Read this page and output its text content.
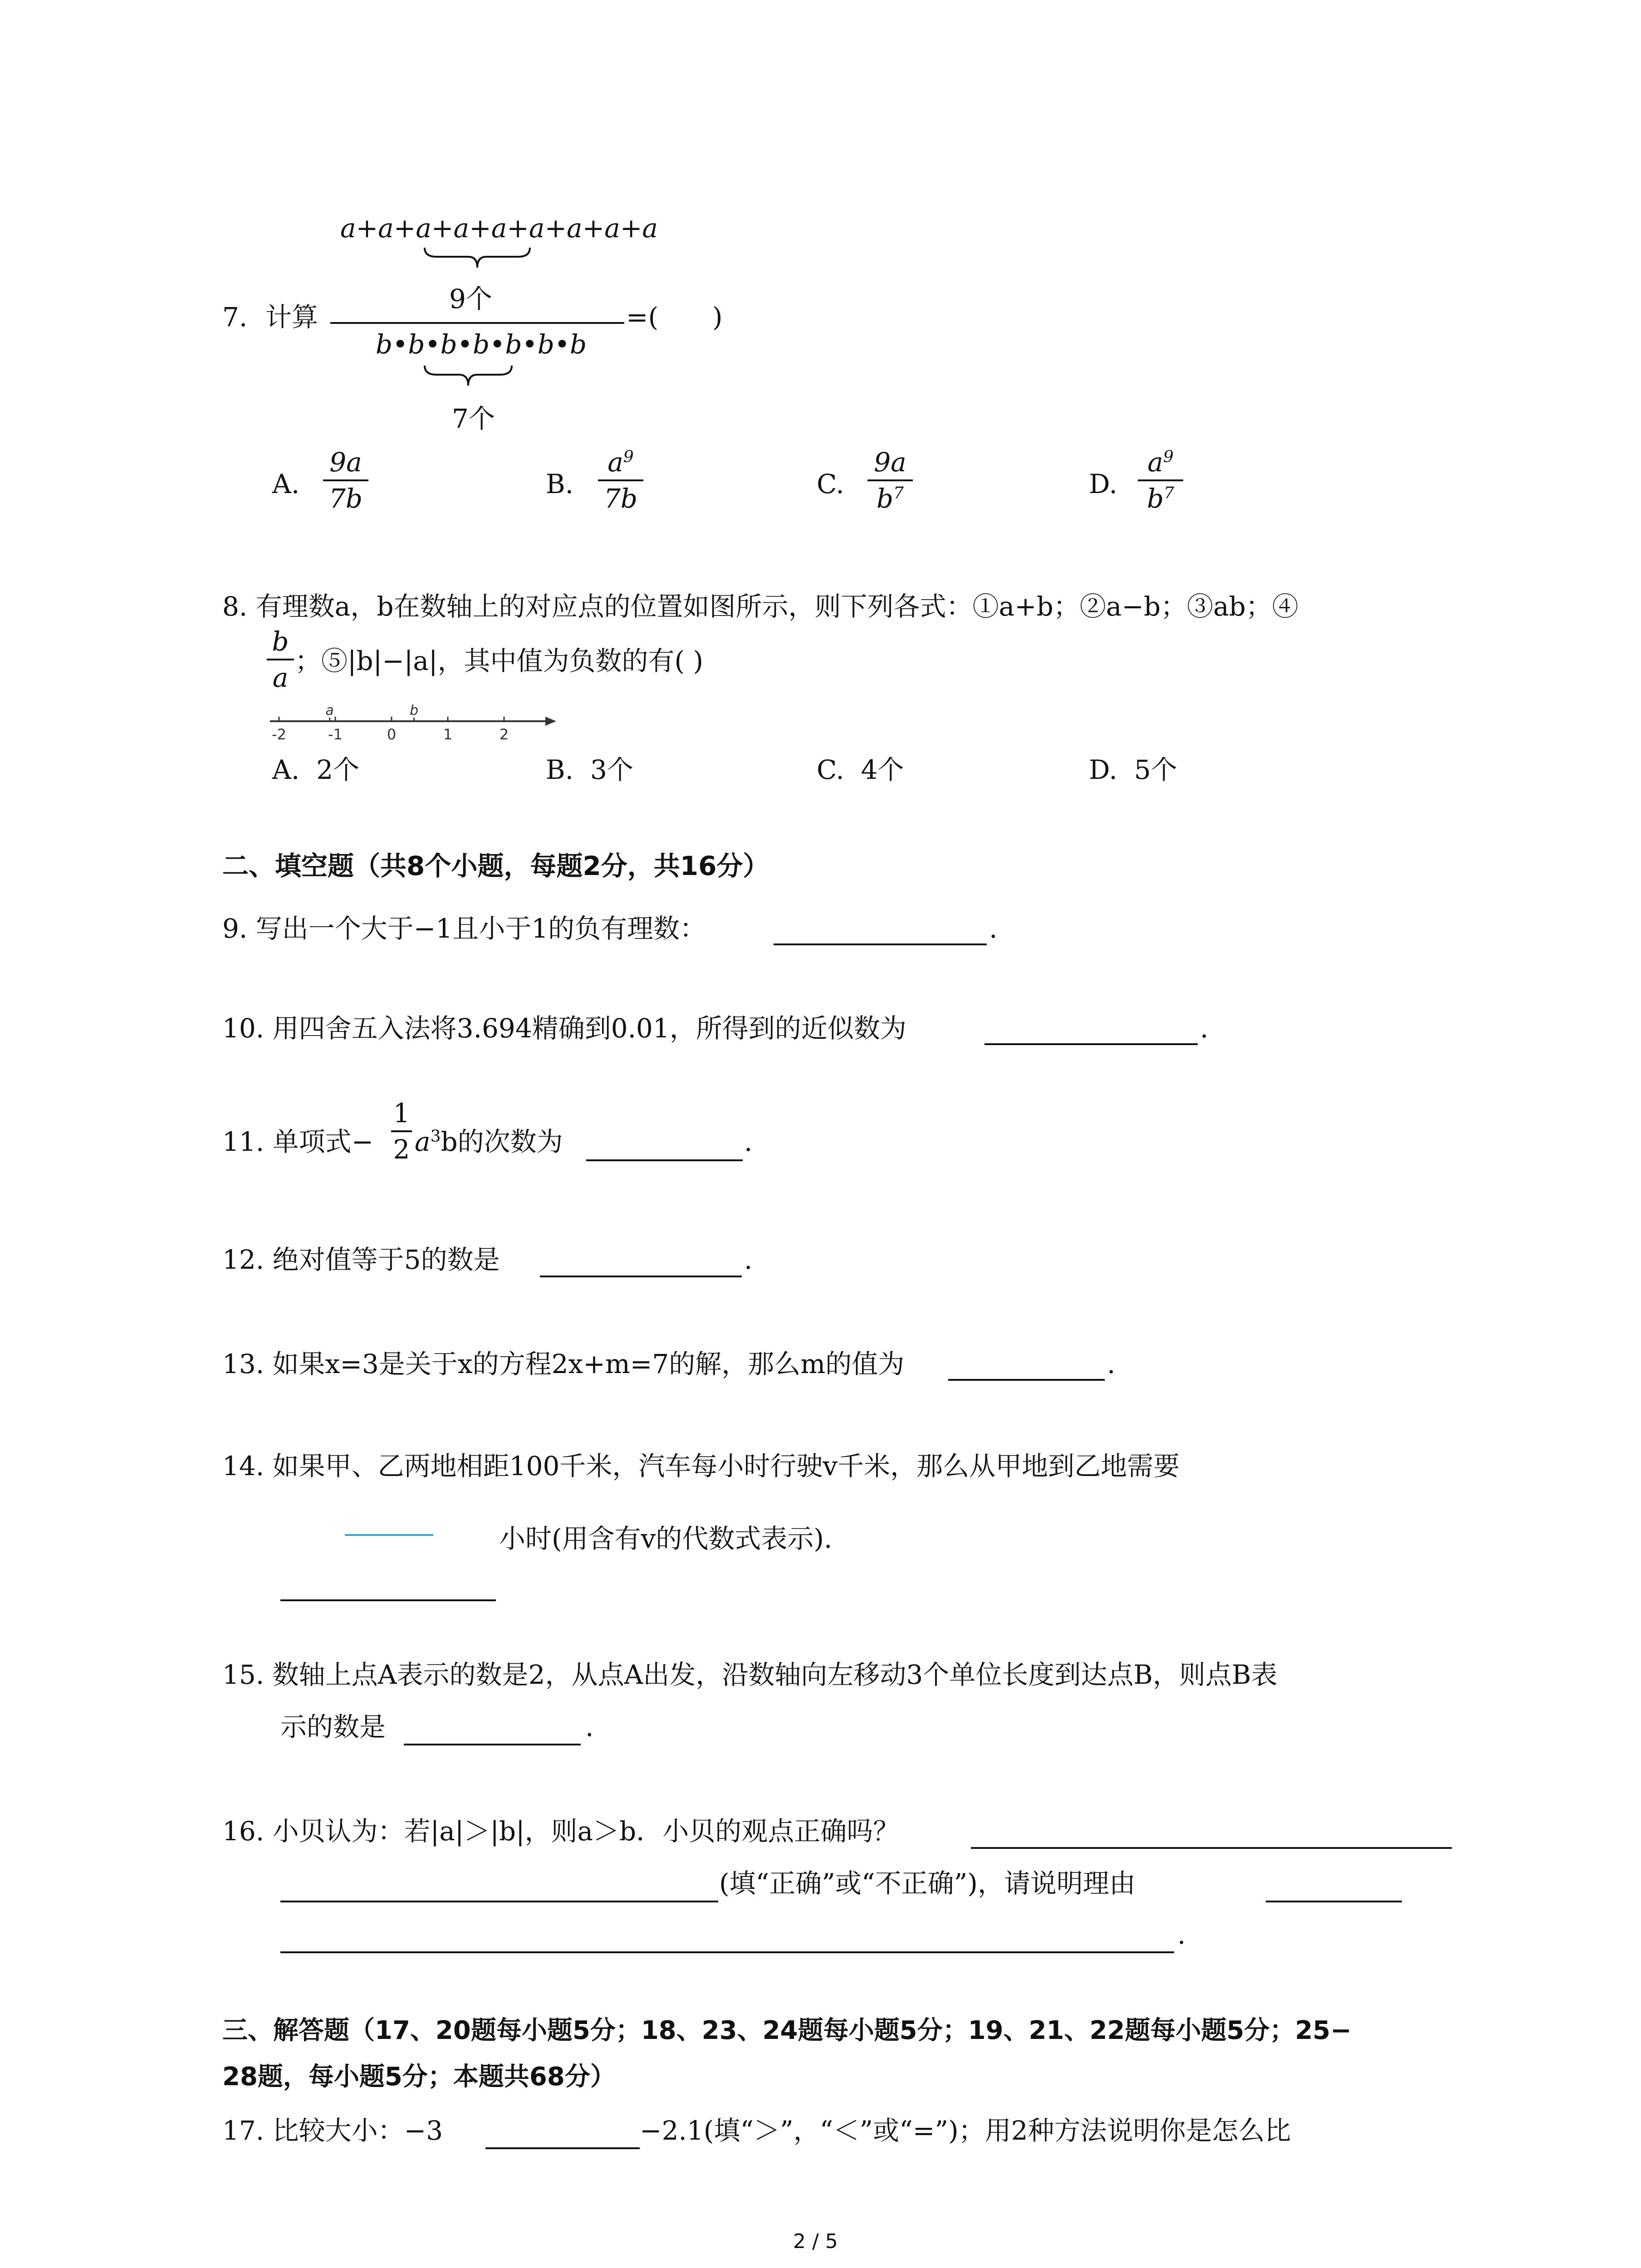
a+a+a+a+a+a+a+a+a
9个
7. 计算	=( )
b•b•b•b•b•b•b
7个
A.
9a
7b	B.
$a^9$
7b	C.
9a
$b^7$	D.
$a^9$
$b^7$
8. 有理数a，b在数轴上的对应点的位置如图所示，则下列各式：①a+b；②a−b；③ab；④
b
a
；⑤|b|−|a|，其中值为负数的有( )
-2	-1	0	1	2
a	b
A. 2个	B. 3个	C. 4个	D. 5个
二、填空题（共8个小题，每题2分，共16分）
9. 写出一个大于−1且小于1的负有理数：	.
10. 用四舍五入法将3.694精确到0.01，所得到的近似数为	.
11. 单项式−
1
2 $a^3b$的次数为	.
12. 绝对值等于5的数是	.
13. 如果x=3是关于x的方程2x+m=7的解，那么m的值为	.
14. 如果甲、乙两地相距100千米，汽车每小时行驶v千米，那么从甲地到乙地需要
小时(用含有v的代数式表示).
15. 数轴上点A表示的数是2，从点A出发，沿数轴向左移动3个单位长度到达点B，则点B表
示的数是	.
16. 小贝认为：若|a|＞|b|，则a＞b．小贝的观点正确吗？
(填“正确”或“不正确”)，请说明理由
.
三、解答题（17、20题每小题5分；18、23、24题每小题5分；19、21、22题每小题5分；25−
28题，每小题5分；本题共68分）
17. 比较大小：−3	−2.1(填“＞”，“＜”或“=”)；用2种方法说明你是怎么比
2 / 5
